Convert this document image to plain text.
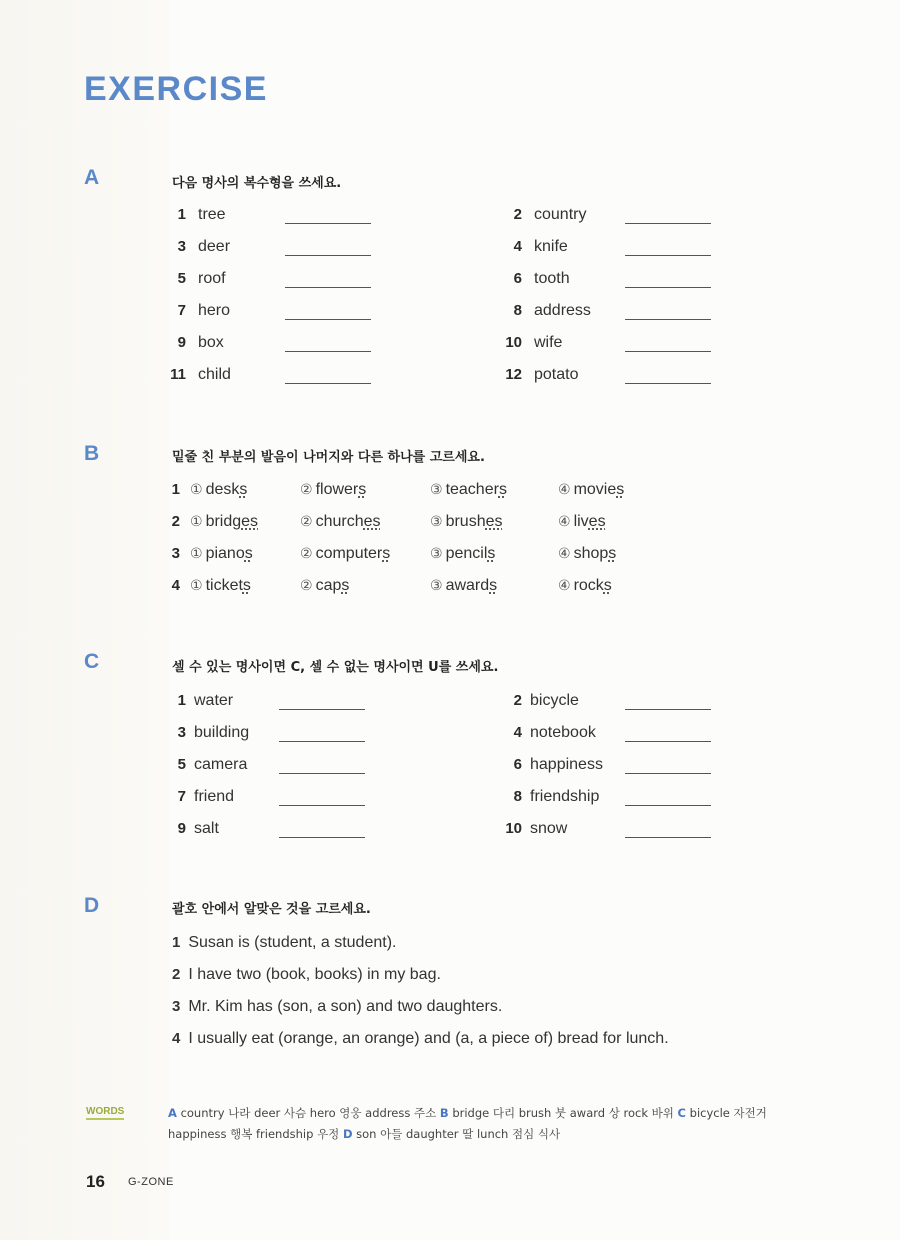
EXERCISE
A	다음 명사의 복수형을 쓰세요.
1 tree	2 country
3 deer	4 knife
5 roof	6 tooth
7 hero	8 address
9 box	10 wife
11 child	12 potato
B	밑줄 친 부분의 발음이 나머지와 다른 하나를 고르세요.
1 ① desks	② flowers	③ teachers	④ movies
2 ① bridges	② churches	③ brushes	④ lives
3 ① pianos	② computers	③ pencils	④ shops
4 ① tickets	② caps	③ awards	④ rocks
C	셀 수 있는 명사이면 C, 셀 수 없는 명사이면 U를 쓰세요.
1 water	2 bicycle
3 building	4 notebook
5 camera	6 happiness
7 friend	8 friendship
9 salt	10 snow
D	괄호 안에서 알맞은 것을 고르세요.
1 Susan is (student, a student).
2 I have two (book, books) in my bag.
3 Mr. Kim has (son, a son) and two daughters.
4 I usually eat (orange, an orange) and (a, a piece of) bread for lunch.
WORDS	A country 나라 deer 사슴 hero 영웅 address 주소 B bridge 다리 brush 붓 award 상 rock 바위 C bicycle 자전거 happiness 행복 friendship 우정 D son 아들 daughter 딸 lunch 점심 식사
16 G-ZONE
